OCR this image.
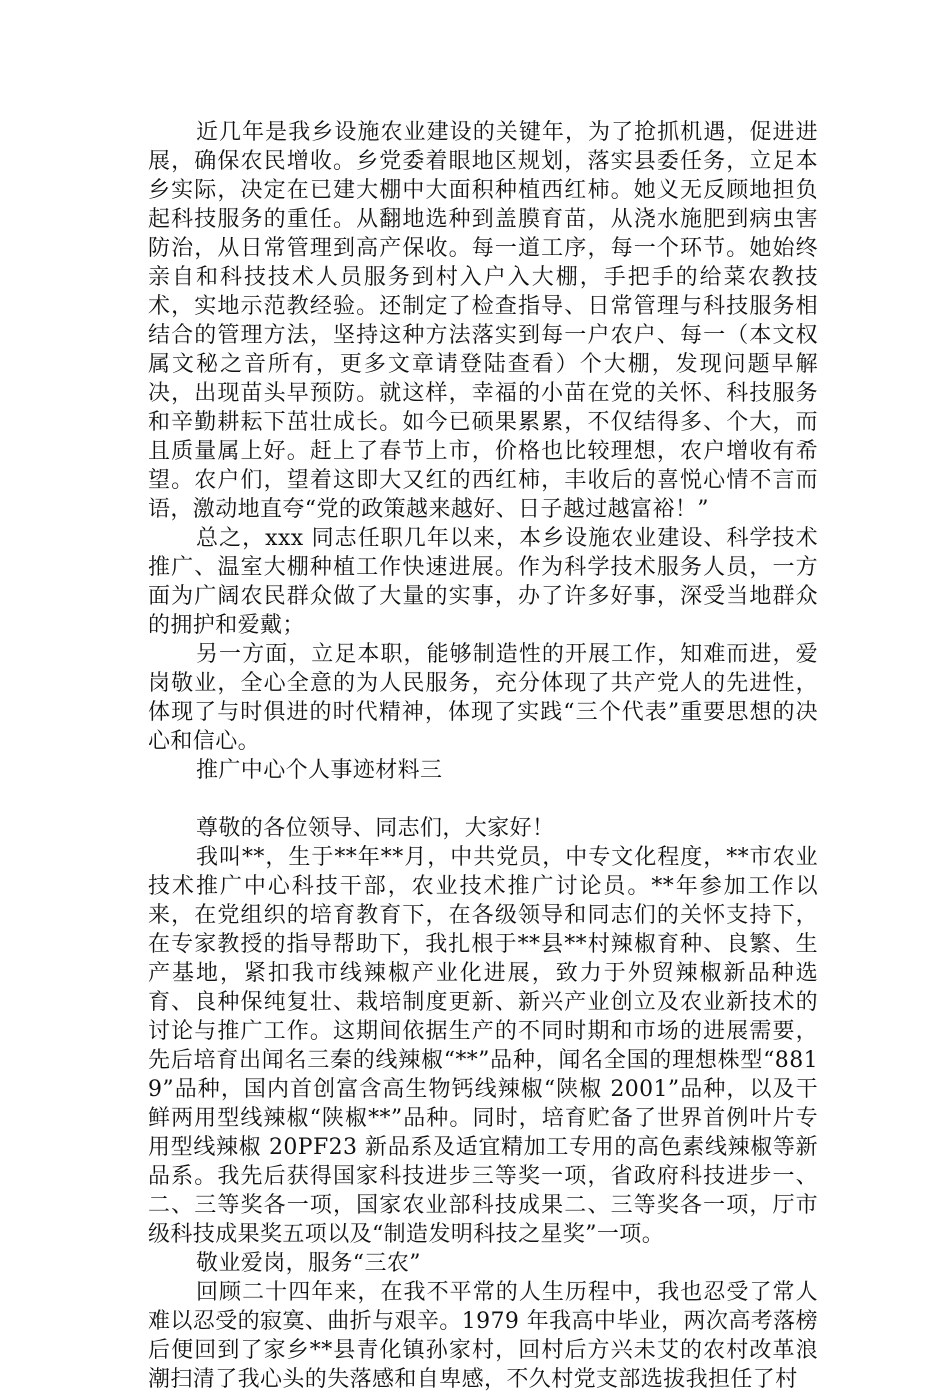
近几年是我乡设施农业建设的关键年，为了抢抓机遇，促进进展，确保农民增收。乡党委着眼地区规划，落实县委任务，立足本乡实际，决定在已建大棚中大面积种植西红柿。她义无反顾地担负起科技服务的重任。从翻地选种到盖膜育苗，从浇水施肥到病虫害防治，从日常管理到高产保收。每一道工序，每一个环节。她始终亲自和科技技术人员服务到村入户入大棚，手把手的给菜农教技术，实地示范教经验。还制定了检查指导、日常管理与科技服务相结合的管理方法，坚持这种方法落实到每一户农户、每一（本文权属文秘之音所有，更多文章请登陆查看）个大棚，发现问题早解决，出现苗头早预防。就这样，幸福的小苗在党的关怀、科技服务和辛勤耕耘下茁壮成长。如今已硕果累累，不仅结得多、个大，而且质量属上好。赶上了春节上市，价格也比较理想，农户增收有希望。农户们，望着这即大又红的西红柿，丰收后的喜悦心情不言而语，激动地直夸“党的政策越来越好、日子越过越富裕！”

总之，xxx 同志任职几年以来，本乡设施农业建设、科学技术推广、温室大棚种植工作快速进展。作为科学技术服务人员，一方面为广阔农民群众做了大量的实事，办了许多好事，深受当地群众的拥护和爱戴；

另一方面，立足本职，能够制造性的开展工作，知难而进，爱岗敬业，全心全意的为人民服务，充分体现了共产党人的先进性，体现了与时俱进的时代精神，体现了实践“三个代表”重要思想的决心和信心。

推广中心个人事迹材料三

尊敬的各位领导、同志们，大家好！

我叫**，生于**年**月，中共党员，中专文化程度，**市农业技术推广中心科技干部，农业技术推广讨论员。**年参加工作以来，在党组织的培育教育下，在各级领导和同志们的关怀支持下，在专家教授的指导帮助下，我扎根于**县**村辣椒育种、良繁、生产基地，紧扣我市线辣椒产业化进展，致力于外贸辣椒新品种选育、良种保纯复壮、栽培制度更新、新兴产业创立及农业新技术的讨论与推广工作。这期间依据生产的不同时期和市场的进展需要，先后培育出闻名三秦的线辣椒“**”品种，闻名全国的理想株型“8819”品种，国内首创富含高生物钙线辣椒“陕椒 2001”品种，以及干鲜两用型线辣椒“陕椒**”品种。同时，培育贮备了世界首例叶片专用型线辣椒 20PF23 新品系及适宜精加工专用的高色素线辣椒等新品系。我先后获得国家科技进步三等奖一项，省政府科技进步一、二、三等奖各一项，国家农业部科技成果二、三等奖各一项，厅市级科技成果奖五项以及“制造发明科技之星奖”一项。

敬业爱岗，服务“三农”

回顾二十四年来，在我不平常的人生历程中，我也忍受了常人难以忍受的寂寞、曲折与艰辛。1979 年我高中毕业，两次高考落榜后便回到了家乡**县青化镇孙家村，回村后方兴未艾的农村改革浪潮扫清了我心头的失落感和自卑感，不久村党支部选拔我担任了村
